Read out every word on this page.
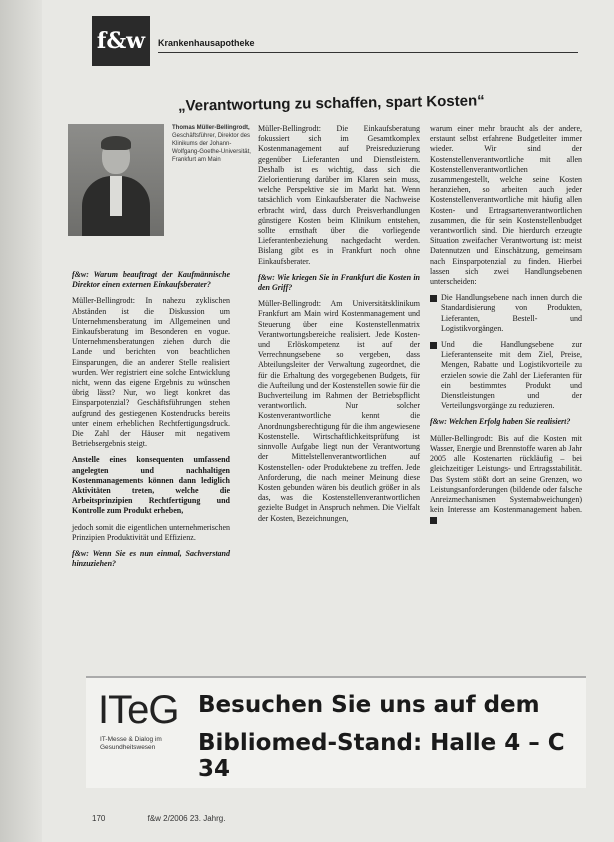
f&w	Krankenhausapotheke
„Verantwortung zu schaffen, spart Kosten“
Thomas Müller-Bellingrodt,
Geschäftsführer, Direktor des Klinikums der Johann-Wolfgang-Goethe-Universität, Frankfurt am Main

f&w: Warum beauftragt der Kaufmännische Direktor einen externen Einkaufsberater?

Müller-Bellingrodt: In nahezu zyklischen Abständen ist die Diskussion um Unternehmensberatung im Allgemeinen und Einkaufsberatung im Besonderen en vogue. Unternehmensberatungen ziehen durch die Lande und berichten von beachtlichen Einsparungen, die an anderer Stelle realisiert wurden. Wer registriert eine solche Entwicklung nicht, wenn das eigene Ergebnis zu wünschen übrig lässt? Nur, wo liegt konkret das Einsparpotenzial? Geschäftsführungen stehen aufgrund des gestiegenen Kostendrucks bereits unter einem erheblichen Rechtfertigungsdruck. Die Zahl der Häuser mit negativem Betriebsergebnis steigt.

Anstelle eines konsequenten umfassend angelegten und nachhaltigen Kostenmanagements können dann lediglich Aktivitäten treten, welche die Arbeitsprinzipien Rechtfertigung und Kontrolle zum Produkt erheben,

jedoch somit die eigentlichen unternehmerischen Prinzipien Produktivität und Effizienz.

f&w: Wenn Sie es nun einmal, Sachverstand hinzuziehen?

Müller-Bellingrodt: Die Einkaufsberatung fokussiert sich im Gesamtkomplex Kostenmanagement auf Preisreduzierung gegenüber Lieferanten und Dienstleistern. Deshalb ist es wichtig, dass sich die Zielorientierung darüber im Klaren sein muss, welche Perspektive sie im Markt hat. Wenn tatsächlich vom Einkaufsberater die Nachweise erbracht wird, dass durch Preisverhandlungen günstigere Kosten beim Klinikum entstehen, sollte ernsthaft über die vorliegende Lieferantenbeziehung nachgedacht werden. Bislang gibt es in Frankfurt noch ohne Einkaufsberater.

f&w: Wie kriegen Sie in Frankfurt die Kosten in den Griff?

Müller-Bellingrodt: Am Universitätsklinikum Frankfurt am Main wird Kostenmanagement und Steuerung über eine Kostenstellenmatrix Verantwortungsbereiche realisiert. Jede Kosten- und Erlöskompetenz ist auf der Verrechnungsebene so vergeben, dass Abteilungsleiter der Verwaltung zugeordnet, die für die Erhaltung des vorgegebenen Budgets, für die Aufteilung und der Kostenstellen sowie für die Buchverteilung im Rahmen der Betriebspflicht verantwortlich. Nur solcher Kostenverantwortliche kennt die Anordnungsberechtigung für die ihm angewiesene Kostenstelle. Wirtschaftlichkeitsprüfung ist sinnvolle Aufgabe liegt nun der Verantwortung der Mittelstellenverantwortlichen auf Kostenstellen- oder Produktebene zu treffen. Jede Anforderung, die nach meiner Meinung diese Kosten gebunden wären bis deutlich größer in als das, was die Kostenstellenverantwortlichen gezielte Budget in Anspruch nehmen. Die Vielfalt der Kosten, Bezeichnungen,

warum einer mehr braucht als der andere, erstaunt selbst erfahrene Budgetleiter immer wieder. Wir sind der Kostenstellenverantwortliche mit allen Kostenstellenverantwortlichen zusammengestellt, welche seine Kosten heranziehen, so arbeiten auch jeder Kostenstellenverantwortliche mit häufig allen Kosten- und Ertragsartenverantwortlichen zusammen, die für sein Kostenstellenbudget verantwortlich sind. Die hierdurch erzeugte Situation zweifacher Verantwortung ist: meist Datennutzen und Einschätzung, gemeinsam nach Einsparpotenzial zu finden. Hierbei lassen sich zwei Handlungsebenen unterscheiden:

Die Handlungsebene nach innen durch die Standardisierung von Produkten, Lieferanten, Bestell- und Logistikvorgängen.

Und die Handlungsebene zur Lieferantenseite mit dem Ziel, Preise, Mengen, Rabatte und Logistikvorteile zu erzielen sowie die Zahl der Lieferanten für ein bestimmtes Produkt und Dienstleistungen und der Verteilungsvorgänge zu reduzieren.

f&w: Welchen Erfolg haben Sie realisiert?

Müller-Bellingrodt: Bis auf die Kosten mit Wasser, Energie und Brennstoffe waren ab Jahr 2005 alle Kostenarten rückläufig – bei gleichzeitiger Leistungs- und Ertragsstabilität. Das System stößt dort an seine Grenzen, wo Leistungsanforderungen (bildende oder falsche Anreizmechanismen Systemabweichungen) kein Interesse am Kostenmanagement haben.

ITeG
IT-Messe & Dialog im Gesundheitswesen
Besuchen Sie uns auf dem
Bibliomed-Stand: Halle 4 – C 34
170	f&w 2/2006 23. Jahrg.
